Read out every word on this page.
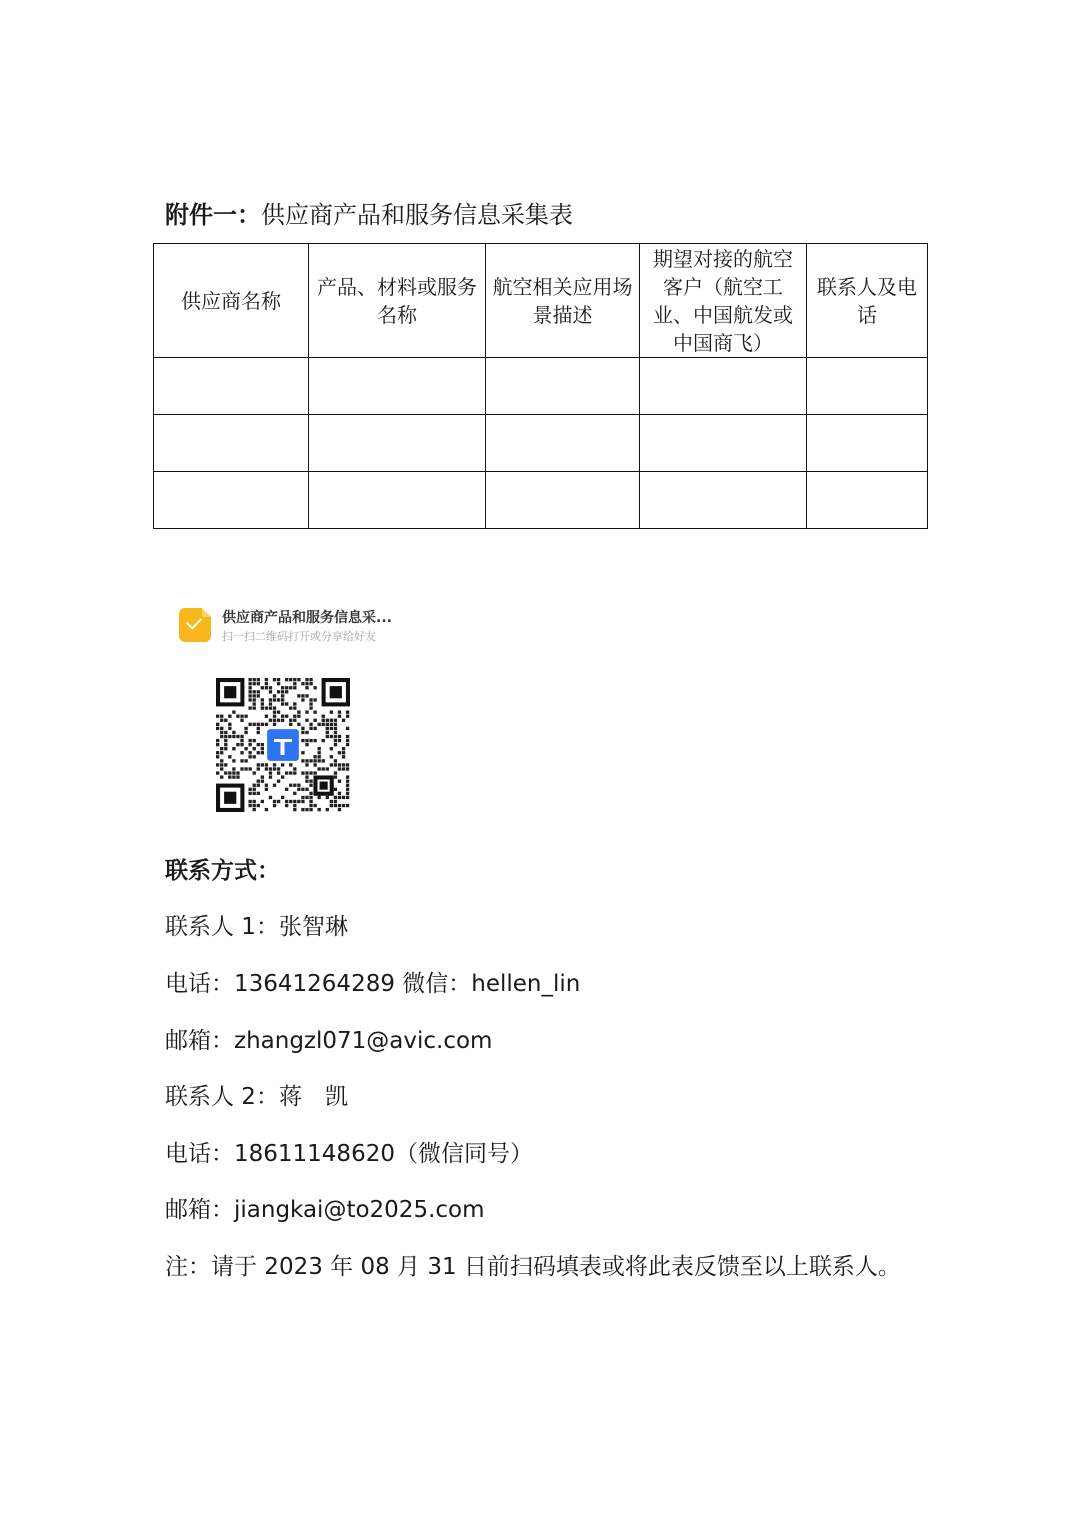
附件一：供应商产品和服务信息采集表
供应商名称	产品、材料或服务名称	航空相关应用场景描述	期望对接的航空客户（航空工业、中国航发或中国商飞）	联系人及电话

供应商产品和服务信息采...
扫一扫二维码打开或分享给好友
联系方式：
联系人 1：张智琳
电话：13641264289 微信：hellen_lin
邮箱：zhangzl071@avic.com
联系人 2：蒋　凯
电话：18611148620（微信同号）
邮箱：jiangkai@to2025.com
注：请于 2023 年 08 月 31 日前扫码填表或将此表反馈至以上联系人。
